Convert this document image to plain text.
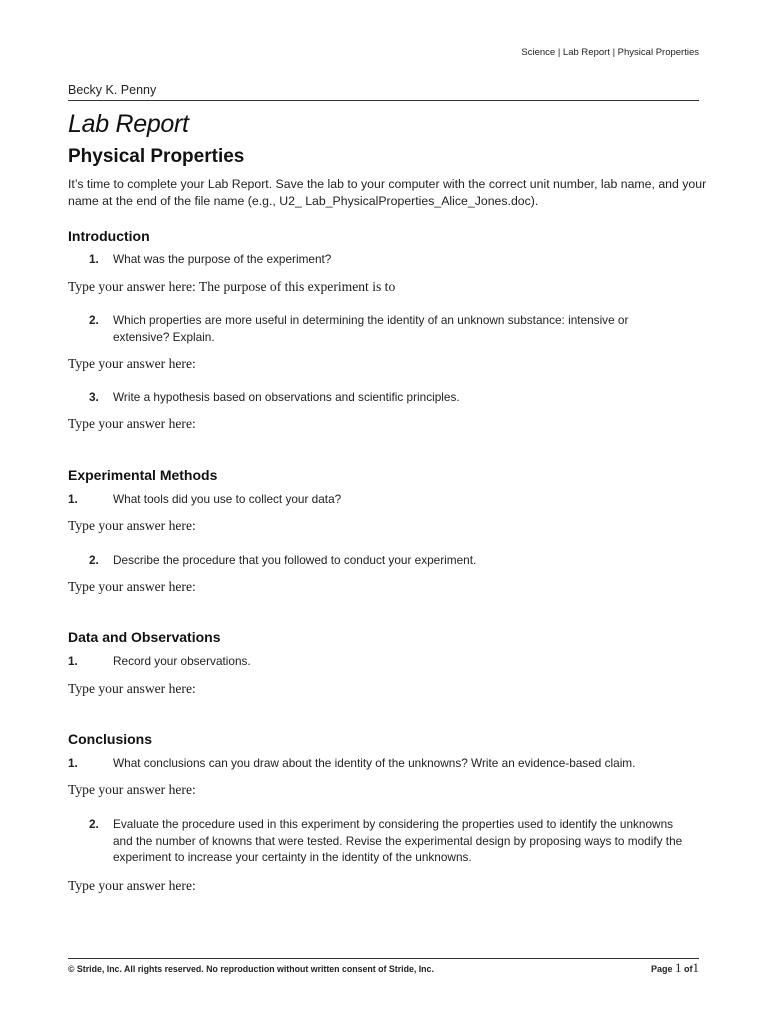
Science | Lab Report | Physical Properties
Becky K. Penny
Lab Report
Physical Properties
It’s time to complete your Lab Report. Save the lab to your computer with the correct unit number, lab name, and your name at the end of the file name (e.g., U2_ Lab_PhysicalProperties_Alice_Jones.doc).
Introduction
1.	What was the purpose of the experiment?
Type your answer here: The purpose of this experiment is to
2.	Which properties are more useful in determining the identity of an unknown substance: intensive or extensive? Explain.
Type your answer here:
3.	Write a hypothesis based on observations and scientific principles.
Type your answer here:
Experimental Methods
1.	What tools did you use to collect your data?
Type your answer here:
2.	Describe the procedure that you followed to conduct your experiment.
Type your answer here:
Data and Observations
1.	Record your observations.
Type your answer here:
Conclusions
1.	What conclusions can you draw about the identity of the unknowns? Write an evidence-based claim.
Type your answer here:
2.	Evaluate the procedure used in this experiment by considering the properties used to identify the unknowns and the number of knowns that were tested. Revise the experimental design by proposing ways to modify the experiment to increase your certainty in the identity of the unknowns.
Type your answer here:
© Stride, Inc. All rights reserved. No reproduction without written consent of Stride, Inc.	Page 1 of1
